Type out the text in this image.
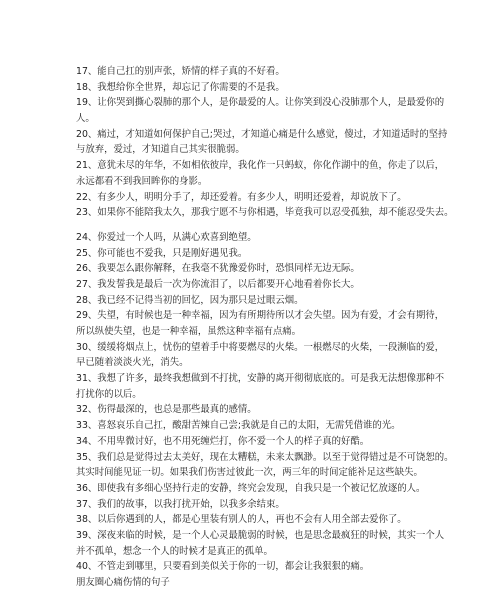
17、能自己扛的别声张，矫情的样子真的不好看。
18、我想给你全世界，却忘记了你需要的不是我。
19、让你哭到撕心裂肺的那个人，是你最爱的人。让你笑到没心没肺那个人，是最爱你的
人。
20、痛过，才知道如何保护自己;哭过，才知道心痛是什么感觉，傻过，才知道适时的坚持
与放弃，爱过，才知道自己其实很脆弱。
21、意犹未尽的年华，不如相依彼岸，我化作一只蚂蚁，你化作湖中的鱼，你走了以后，
永远都看不到我回眸你的身影。
22、有多少人，明明分手了，却还爱着。有多少人，明明还爱着，却说放下了。
23、如果你不能陪我太久，那我宁愿不与你相遇，毕竟我可以忍受孤独，却不能忍受失去。
24、你爱过一个人吗，从满心欢喜到绝望。
25、你可能也不爱我，只是刚好遇见我。
26、我要怎么跟你解释，在我毫不犹豫爱你时，恐惧同样无边无际。
27、我发誓我是最后一次为你流泪了，以后都要开心地看着你长大。
28、我已经不记得当初的回忆，因为那只是过眼云烟。
29、失望，有时候也是一种幸福，因为有所期待所以才会失望。因为有爱，才会有期待，
所以纵使失望，也是一种幸福，虽然这种幸福有点痛。
30、缓缓将烟点上，忧伤的望着手中将要燃尽的火柴。一根燃尽的火柴，一段濒临的爱，
早已随着淡淡火光，消失。
31、我想了许多，最终我想做到不打扰，安静的离开彻彻底底的。可是我无法想像那种不
打扰你的以后。
32、伤得最深的，也总是那些最真的感情。
33、喜怒哀乐自己扛，酸甜苦辣自己尝;我就是自己的太阳，无需凭借谁的光。
34、不用卑微讨好，也不用死缠烂打，你不爱一个人的样子真的好酷。
35、我们总是觉得过去太美好，现在太糟糕，未来太飘渺。以至于觉得错过是不可饶恕的。
其实时间能见证一切。如果我们伤害过彼此一次，两三年的时间定能补足这些缺失。
36、即使我有多细心坚持行走的安静，终究会发现，自我只是一个被记忆放逐的人。
37、我们的故事，以我打扰开始，以我多余结束。
38、以后你遇到的人，都是心里装有别人的人，再也不会有人用全部去爱你了。
39、深夜来临的时候，是一个人心灵最脆弱的时候，也是思念最疯狂的时候，其实一个人
并不孤单，想念一个人的时候才是真正的孤单。
40、不管走到哪里，只要看到美似关于你的一切，都会让我狠狠的痛。
朋友圈心痛伤情的句子
